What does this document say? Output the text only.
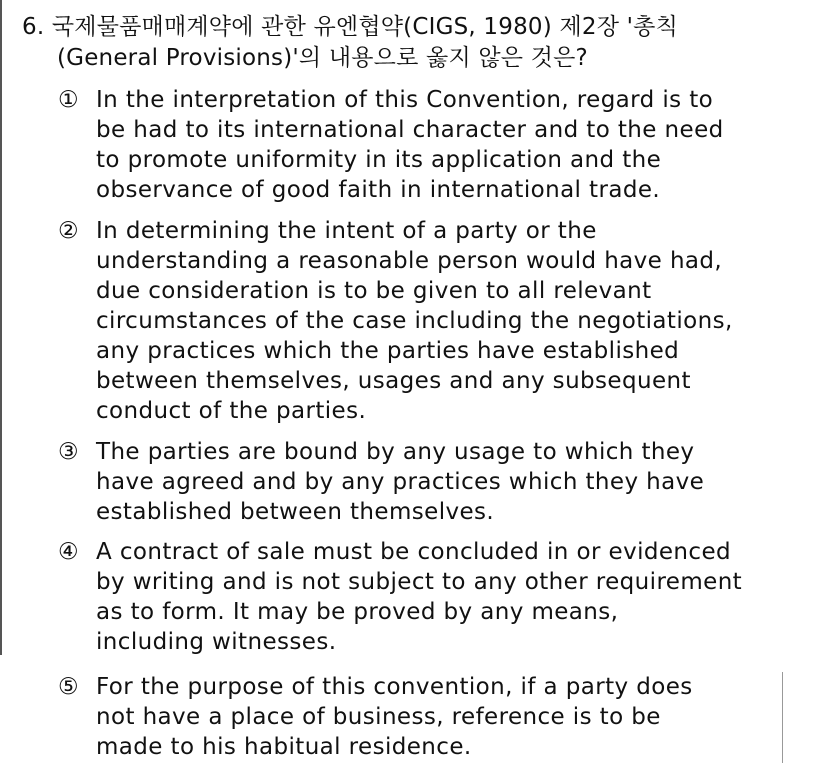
6. 국제물품매매계약에 관한 유엔협약(CIGS, 1980) 제2장 '총칙
(General Provisions)'의 내용으로 옳지 않은 것은?
① In the interpretation of this Convention, regard is to
be had to its international character and to the need
to promote uniformity in its application and the
observance of good faith in international trade.
② In determining the intent of a party or the
understanding a reasonable person would have had,
due consideration is to be given to all relevant
circumstances of the case including the negotiations,
any practices which the parties have established
between themselves, usages and any subsequent
conduct of the parties.
③ The parties are bound by any usage to which they
have agreed and by any practices which they have
established between themselves.
④ A contract of sale must be concluded in or evidenced
by writing and is not subject to any other requirement
as to form. It may be proved by any means,
including witnesses.
⑤ For the purpose of this convention, if a party does
not have a place of business, reference is to be
made to his habitual residence.
